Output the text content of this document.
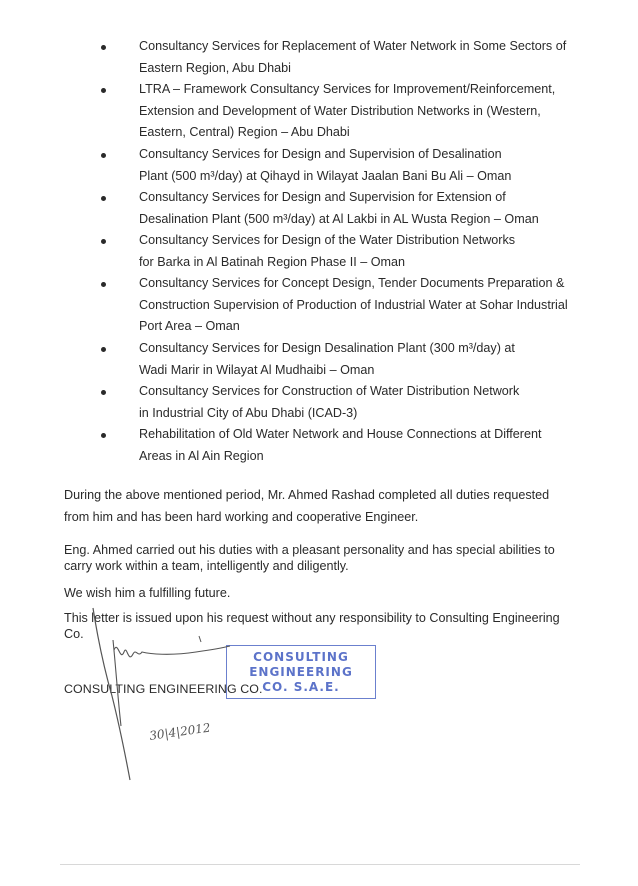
Consultancy Services for Replacement of Water Network in Some Sectors of
Eastern Region, Abu Dhabi
LTRA – Framework Consultancy Services for Improvement/Reinforcement,
Extension and Development of Water Distribution Networks in (Western,
Eastern, Central) Region – Abu Dhabi
Consultancy Services for Design and Supervision of Desalination
Plant (500 m³/day) at Qihayd in Wilayat Jaalan Bani Bu Ali – Oman
Consultancy Services for Design and Supervision for Extension of
Desalination Plant (500 m³/day) at Al Lakbi in AL Wusta Region – Oman
Consultancy Services for Design of the Water Distribution Networks
for Barka in Al Batinah Region Phase II – Oman
Consultancy Services for Concept Design, Tender Documents Preparation &
Construction Supervision of Production of Industrial Water at Sohar Industrial
Port Area – Oman
Consultancy Services for Design Desalination Plant (300 m³/day) at
Wadi Marir in Wilayat Al Mudhaibi – Oman
Consultancy Services for Construction of Water Distribution Network
in Industrial City of Abu Dhabi (ICAD-3)
Rehabilitation of Old Water Network and House Connections at Different
Areas in Al Ain Region
During the above mentioned period, Mr. Ahmed Rashad completed all duties requested
from him and has been hard working and cooperative Engineer.
Eng. Ahmed carried out his duties with a pleasant personality and has special abilities to
carry work within a team, intelligently and diligently.
We wish him a fulfilling future.
This letter is issued upon his request without any responsibility to Consulting Engineering
Co.
CONSULTING ENGINEERING CO.
CONSULTING
ENGINEERING
CO. S.A.E.
30|4|2012
